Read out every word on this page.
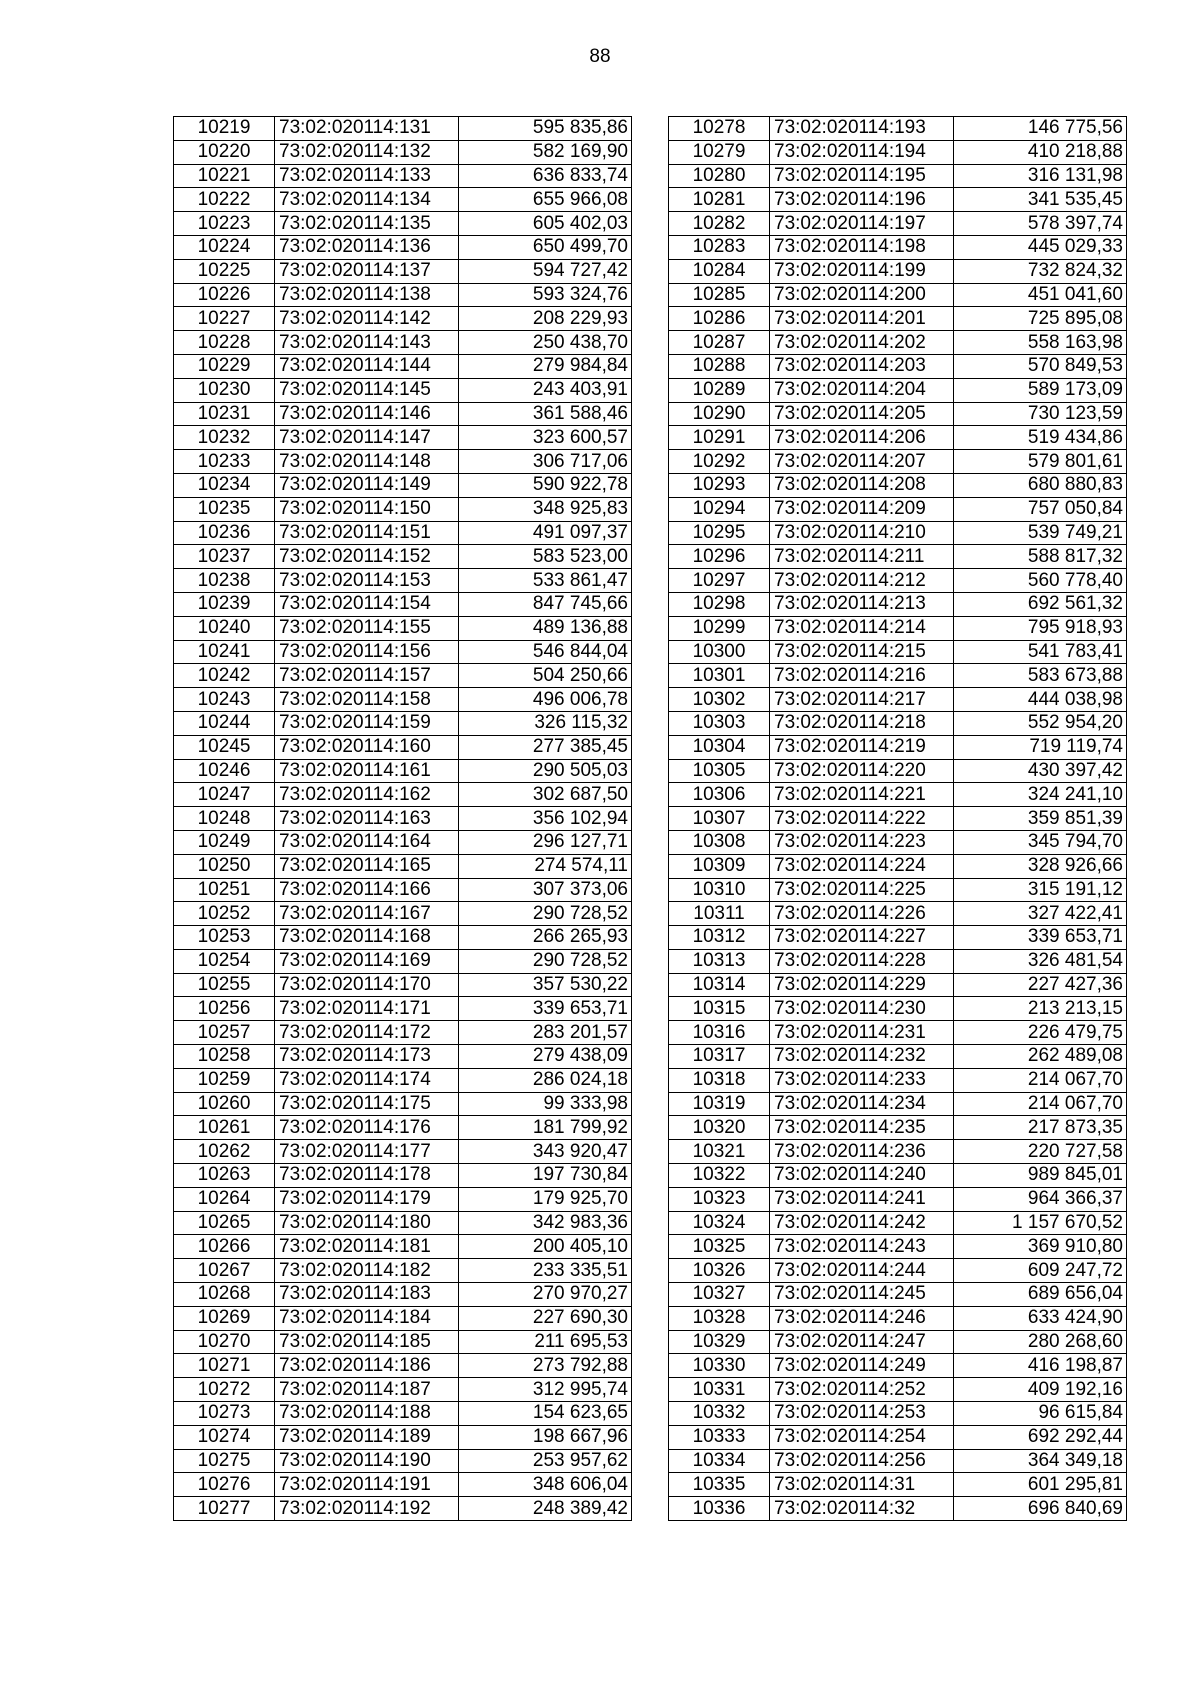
88
10219	73:02:020114:131	595 835,86
10220	73:02:020114:132	582 169,90
10221	73:02:020114:133	636 833,74
10222	73:02:020114:134	655 966,08
10223	73:02:020114:135	605 402,03
10224	73:02:020114:136	650 499,70
10225	73:02:020114:137	594 727,42
10226	73:02:020114:138	593 324,76
10227	73:02:020114:142	208 229,93
10228	73:02:020114:143	250 438,70
10229	73:02:020114:144	279 984,84
10230	73:02:020114:145	243 403,91
10231	73:02:020114:146	361 588,46
10232	73:02:020114:147	323 600,57
10233	73:02:020114:148	306 717,06
10234	73:02:020114:149	590 922,78
10235	73:02:020114:150	348 925,83
10236	73:02:020114:151	491 097,37
10237	73:02:020114:152	583 523,00
10238	73:02:020114:153	533 861,47
10239	73:02:020114:154	847 745,66
10240	73:02:020114:155	489 136,88
10241	73:02:020114:156	546 844,04
10242	73:02:020114:157	504 250,66
10243	73:02:020114:158	496 006,78
10244	73:02:020114:159	326 115,32
10245	73:02:020114:160	277 385,45
10246	73:02:020114:161	290 505,03
10247	73:02:020114:162	302 687,50
10248	73:02:020114:163	356 102,94
10249	73:02:020114:164	296 127,71
10250	73:02:020114:165	274 574,11
10251	73:02:020114:166	307 373,06
10252	73:02:020114:167	290 728,52
10253	73:02:020114:168	266 265,93
10254	73:02:020114:169	290 728,52
10255	73:02:020114:170	357 530,22
10256	73:02:020114:171	339 653,71
10257	73:02:020114:172	283 201,57
10258	73:02:020114:173	279 438,09
10259	73:02:020114:174	286 024,18
10260	73:02:020114:175	99 333,98
10261	73:02:020114:176	181 799,92
10262	73:02:020114:177	343 920,47
10263	73:02:020114:178	197 730,84
10264	73:02:020114:179	179 925,70
10265	73:02:020114:180	342 983,36
10266	73:02:020114:181	200 405,10
10267	73:02:020114:182	233 335,51
10268	73:02:020114:183	270 970,27
10269	73:02:020114:184	227 690,30
10270	73:02:020114:185	211 695,53
10271	73:02:020114:186	273 792,88
10272	73:02:020114:187	312 995,74
10273	73:02:020114:188	154 623,65
10274	73:02:020114:189	198 667,96
10275	73:02:020114:190	253 957,62
10276	73:02:020114:191	348 606,04
10277	73:02:020114:192	248 389,42
10278	73:02:020114:193	146 775,56
10279	73:02:020114:194	410 218,88
10280	73:02:020114:195	316 131,98
10281	73:02:020114:196	341 535,45
10282	73:02:020114:197	578 397,74
10283	73:02:020114:198	445 029,33
10284	73:02:020114:199	732 824,32
10285	73:02:020114:200	451 041,60
10286	73:02:020114:201	725 895,08
10287	73:02:020114:202	558 163,98
10288	73:02:020114:203	570 849,53
10289	73:02:020114:204	589 173,09
10290	73:02:020114:205	730 123,59
10291	73:02:020114:206	519 434,86
10292	73:02:020114:207	579 801,61
10293	73:02:020114:208	680 880,83
10294	73:02:020114:209	757 050,84
10295	73:02:020114:210	539 749,21
10296	73:02:020114:211	588 817,32
10297	73:02:020114:212	560 778,40
10298	73:02:020114:213	692 561,32
10299	73:02:020114:214	795 918,93
10300	73:02:020114:215	541 783,41
10301	73:02:020114:216	583 673,88
10302	73:02:020114:217	444 038,98
10303	73:02:020114:218	552 954,20
10304	73:02:020114:219	719 119,74
10305	73:02:020114:220	430 397,42
10306	73:02:020114:221	324 241,10
10307	73:02:020114:222	359 851,39
10308	73:02:020114:223	345 794,70
10309	73:02:020114:224	328 926,66
10310	73:02:020114:225	315 191,12
10311	73:02:020114:226	327 422,41
10312	73:02:020114:227	339 653,71
10313	73:02:020114:228	326 481,54
10314	73:02:020114:229	227 427,36
10315	73:02:020114:230	213 213,15
10316	73:02:020114:231	226 479,75
10317	73:02:020114:232	262 489,08
10318	73:02:020114:233	214 067,70
10319	73:02:020114:234	214 067,70
10320	73:02:020114:235	217 873,35
10321	73:02:020114:236	220 727,58
10322	73:02:020114:240	989 845,01
10323	73:02:020114:241	964 366,37
10324	73:02:020114:242	1 157 670,52
10325	73:02:020114:243	369 910,80
10326	73:02:020114:244	609 247,72
10327	73:02:020114:245	689 656,04
10328	73:02:020114:246	633 424,90
10329	73:02:020114:247	280 268,60
10330	73:02:020114:249	416 198,87
10331	73:02:020114:252	409 192,16
10332	73:02:020114:253	96 615,84
10333	73:02:020114:254	692 292,44
10334	73:02:020114:256	364 349,18
10335	73:02:020114:31	601 295,81
10336	73:02:020114:32	696 840,69
